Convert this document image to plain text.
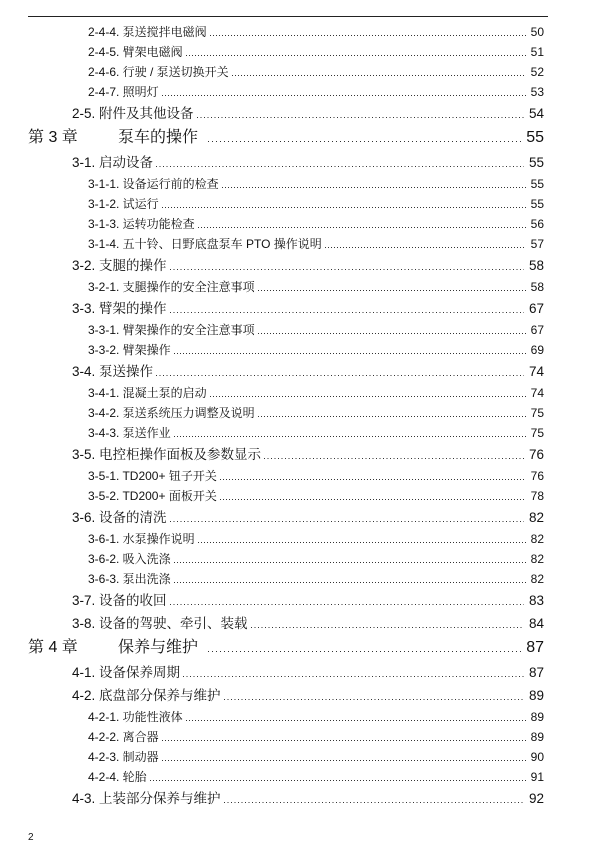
2-4-4. 泵送搅拌电磁阀	50
2-4-5. 臂架电磁阀	51
2-4-6. 行驶 / 泵送切换开关	52
2-4-7. 照明灯	53
2-5. 附件及其他设备	54
第 3 章	泵车的操作	55
3-1. 启动设备	55
3-1-1. 设备运行前的检查	55
3-1-2. 试运行	55
3-1-3. 运转功能检查	56
3-1-4. 五十铃、日野底盘泵车 PTO 操作说明	57
3-2. 支腿的操作	58
3-2-1. 支腿操作的安全注意事项	58
3-3. 臂架的操作	67
3-3-1. 臂架操作的安全注意事项	67
3-3-2. 臂架操作	69
3-4. 泵送操作	74
3-4-1. 混凝土泵的启动	74
3-4-2. 泵送系统压力调整及说明	75
3-4-3. 泵送作业	75
3-5. 电控柜操作面板及参数显示	76
3-5-1. TD200+ 钮子开关	76
3-5-2. TD200+ 面板开关	78
3-6. 设备的清洗	82
3-6-1. 水泵操作说明	82
3-6-2. 吸入洗涤	82
3-6-3. 泵出洗涤	82
3-7. 设备的收回	83
3-8. 设备的驾驶、牵引、装载	84
第 4 章	保养与维护	87
4-1. 设备保养周期	87
4-2. 底盘部分保养与维护	89
4-2-1. 功能性液体	89
4-2-2. 离合器	89
4-2-3. 制动器	90
4-2-4. 轮胎	91
4-3. 上装部分保养与维护	92
2
